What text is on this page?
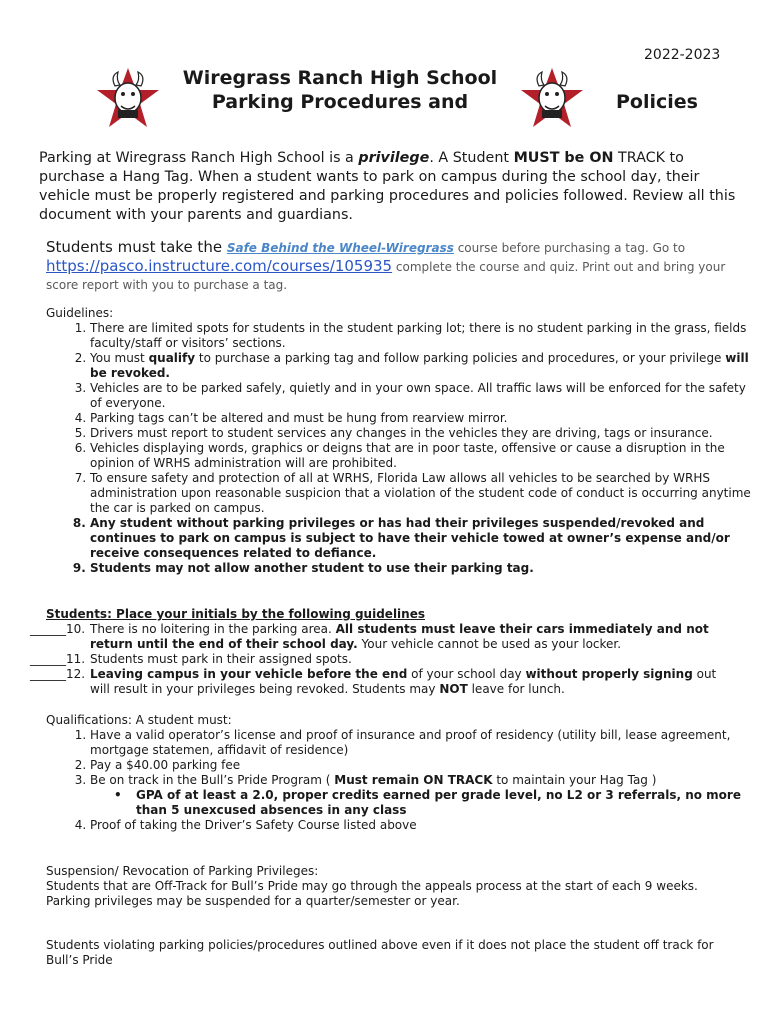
2022-2023
Wiregrass Ranch High School
Parking Procedures and	Policies
Parking at Wiregrass Ranch High School is a privilege. A Student MUST be ON TRACK to purchase a Hang Tag. When a student wants to park on campus during the school day, their vehicle must be properly registered and parking procedures and policies followed. Review all this document with your parents and guardians.
Students must take the Safe Behind the Wheel-Wiregrass course before purchasing a tag. Go to
https://pasco.instructure.com/courses/105935 complete the course and quiz. Print out and bring your score report with you to purchase a tag.
Guidelines:
1. There are limited spots for students in the student parking lot; there is no student parking in the grass, fields faculty/staff or visitors’ sections.
2. You must qualify to purchase a parking tag and follow parking policies and procedures, or your privilege will be revoked.
3. Vehicles are to be parked safely, quietly and in your own space. All traffic laws will be enforced for the safety of everyone.
4. Parking tags can’t be altered and must be hung from rearview mirror.
5. Drivers must report to student services any changes in the vehicles they are driving, tags or insurance.
6. Vehicles displaying words, graphics or deigns that are in poor taste, offensive or cause a disruption in the opinion of WRHS administration will are prohibited.
7. To ensure safety and protection of all at WRHS, Florida Law allows all vehicles to be searched by WRHS administration upon reasonable suspicion that a violation of the student code of conduct is occurring anytime the car is parked on campus.
8. Any student without parking privileges or has had their privileges suspended/revoked and continues to park on campus is subject to have their vehicle towed at owner’s expense and/or receive consequences related to defiance.
9. Students may not allow another student to use their parking tag.
Students: Place your initials by the following guidelines
______ 10. There is no loitering in the parking area. All students must leave their cars immediately and not return until the end of their school day. Your vehicle cannot be used as your locker.
______ 11. Students must park in their assigned spots.
______ 12. Leaving campus in your vehicle before the end of your school day without properly signing out will result in your privileges being revoked. Students may NOT leave for lunch.
Qualifications: A student must:
1. Have a valid operator’s license and proof of insurance and proof of residency (utility bill, lease agreement, mortgage statemen, affidavit of residence)
2. Pay a $40.00 parking fee
3. Be on track in the Bull’s Pride Program ( Must remain ON TRACK to maintain your Hag Tag )
• GPA of at least a 2.0, proper credits earned per grade level, no L2 or 3 referrals, no more than 5 unexcused absences in any class
4. Proof of taking the Driver’s Safety Course listed above
Suspension/ Revocation of Parking Privileges:
Students that are Off-Track for Bull’s Pride may go through the appeals process at the start of each 9 weeks. Parking privileges may be suspended for a quarter/semester or year.
Students violating parking policies/procedures outlined above even if it does not place the student off track for Bull’s Pride
